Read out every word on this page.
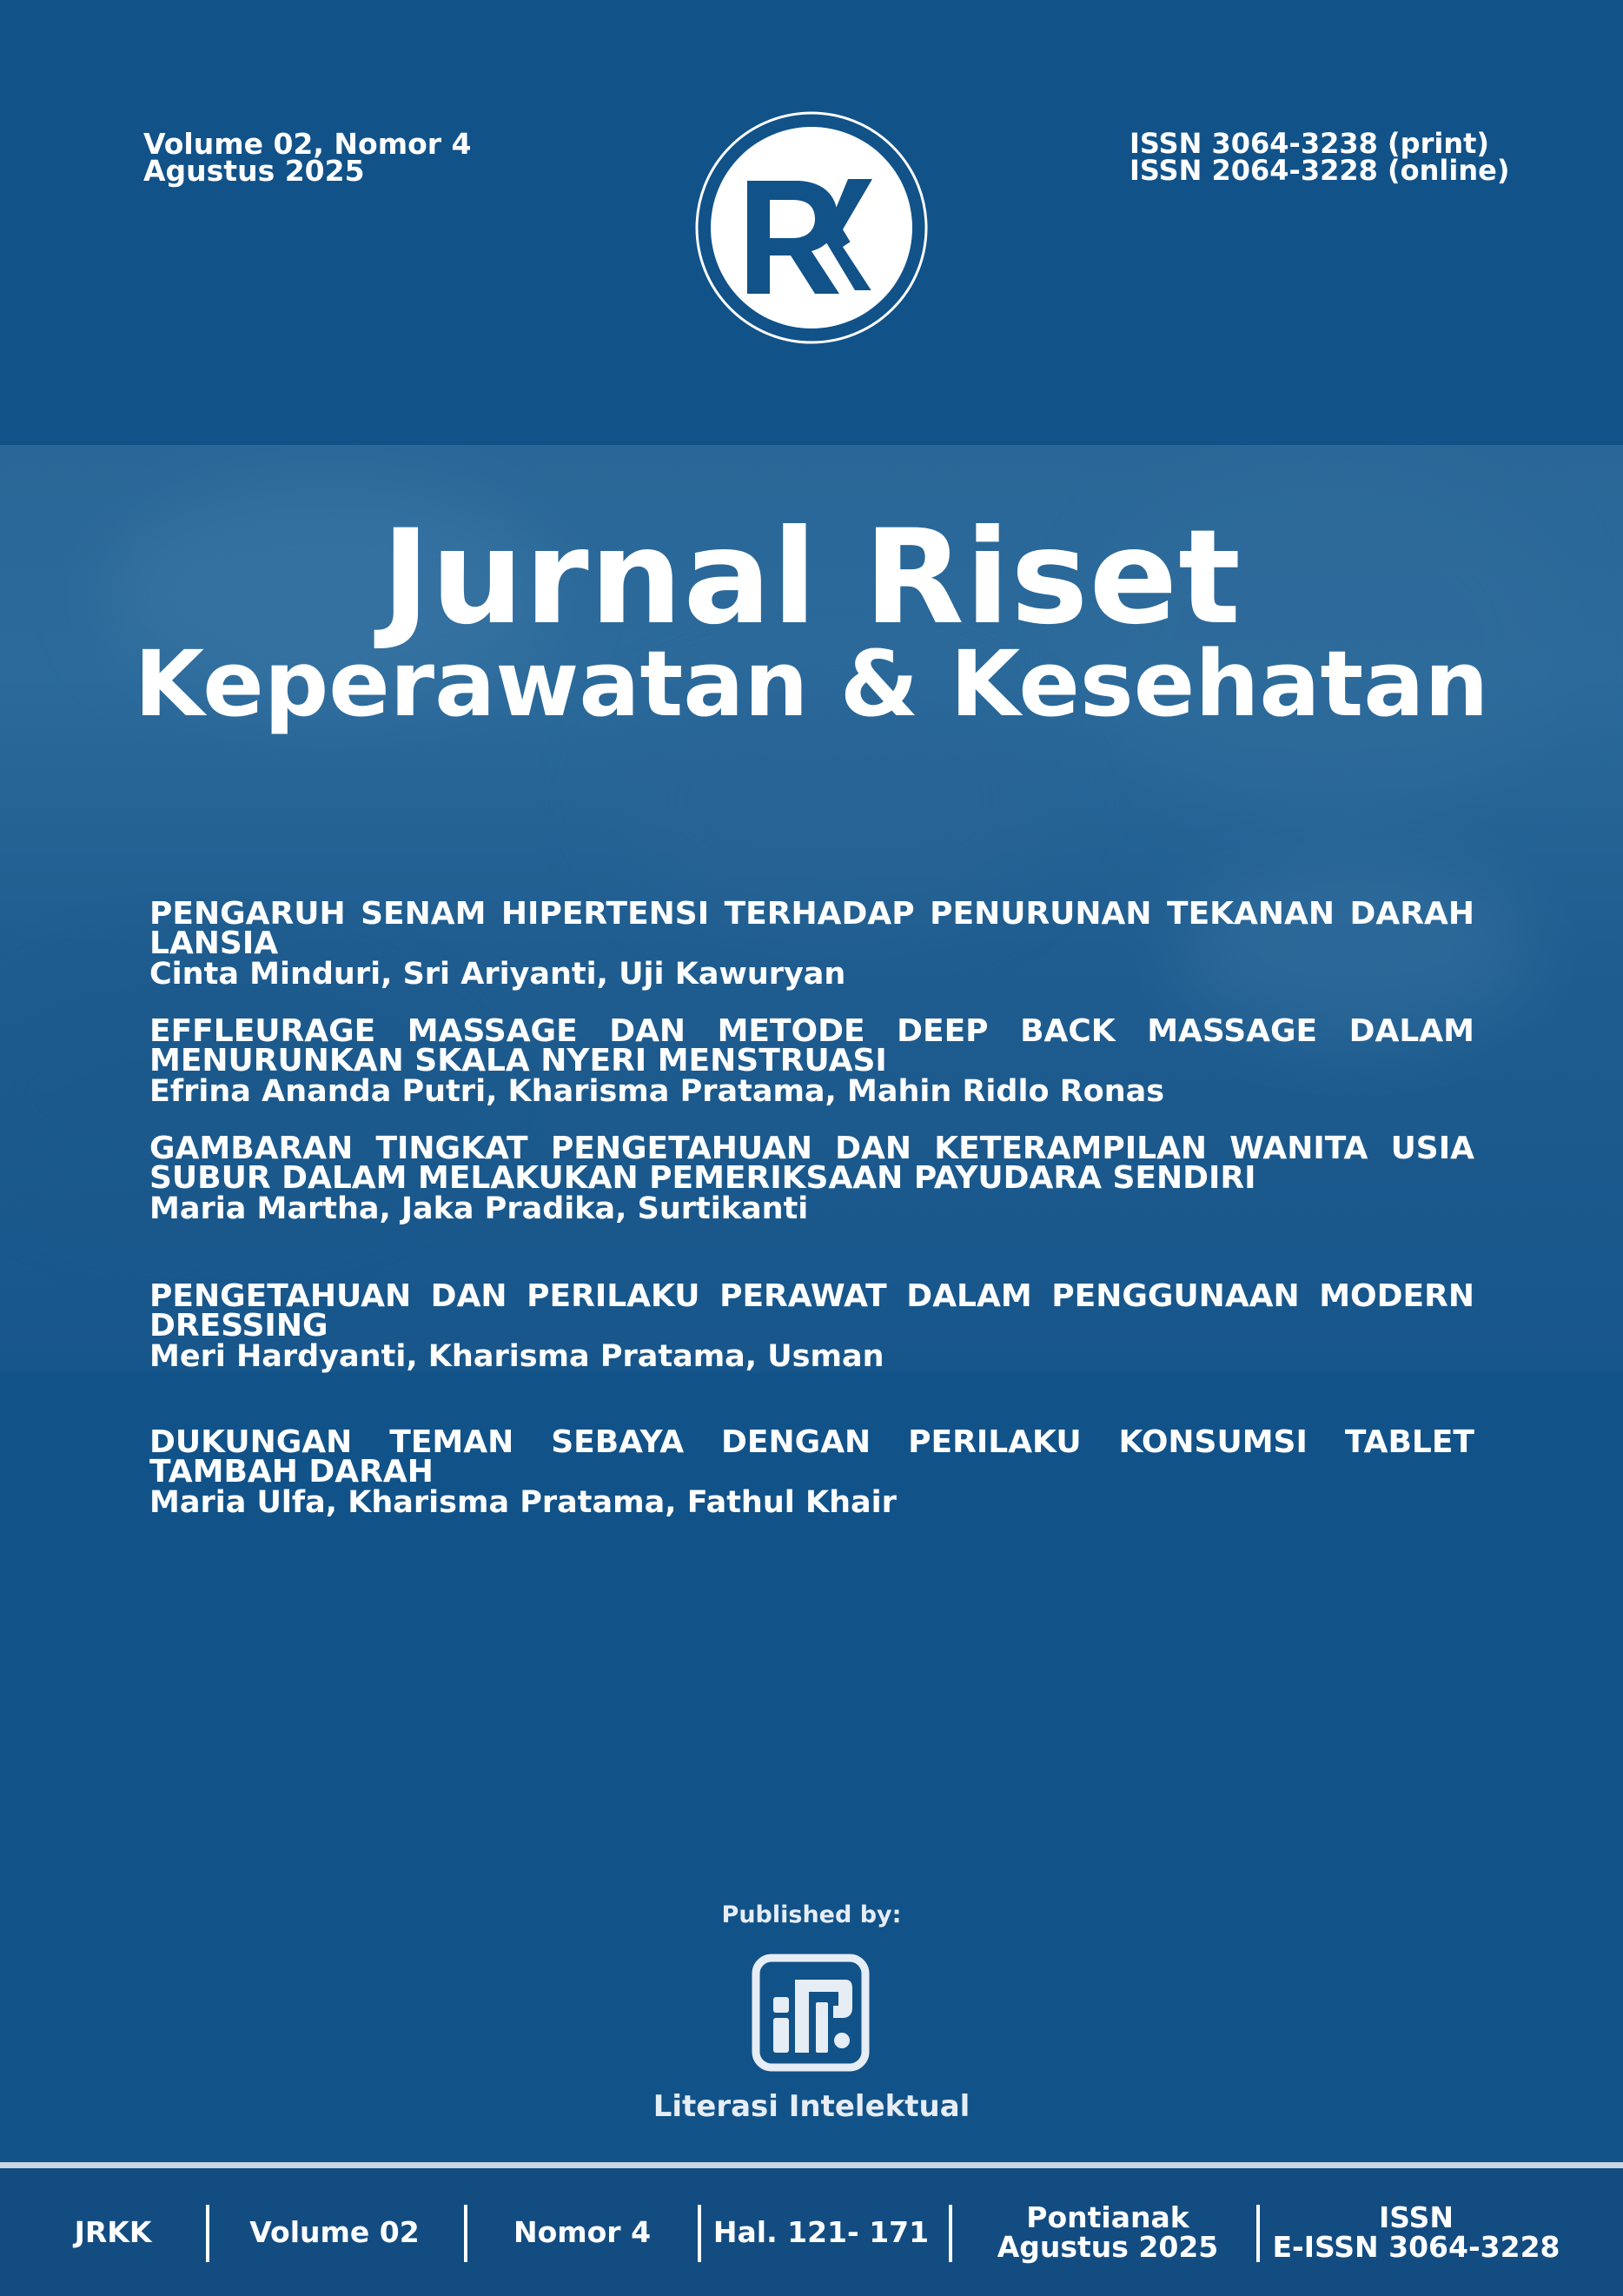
Volume 02, Nomor 4
Agustus 2025
ISSN 3064-3238 (print)
ISSN 2064-3228 (online)
Jurnal Riset
Keperawatan & Kesehatan
PENGARUH SENAM HIPERTENSI TERHADAP PENURUNAN TEKANAN DARAH LANSIA
Cinta Minduri, Sri Ariyanti, Uji Kawuryan
EFFLEURAGE MASSAGE DAN METODE DEEP BACK MASSAGE DALAM MENURUNKAN SKALA NYERI MENSTRUASI
Efrina Ananda Putri, Kharisma Pratama, Mahin Ridlo Ronas
GAMBARAN TINGKAT PENGETAHUAN DAN KETERAMPILAN WANITA USIA SUBUR DALAM MELAKUKAN PEMERIKSAAN PAYUDARA SENDIRI
Maria Martha, Jaka Pradika, Surtikanti
PENGETAHUAN DAN PERILAKU PERAWAT DALAM PENGGUNAAN MODERN DRESSING
Meri Hardyanti, Kharisma Pratama, Usman
DUKUNGAN TEMAN SEBAYA DENGAN PERILAKU KONSUMSI TABLET TAMBAH DARAH
Maria Ulfa, Kharisma Pratama, Fathul Khair
Published by:
Literasi Intelektual
JRKK	Volume 02	Nomor 4 Hal. 121- 171	Pontianak
Agustus 2025
ISSN
E-ISSN 3064-3228
